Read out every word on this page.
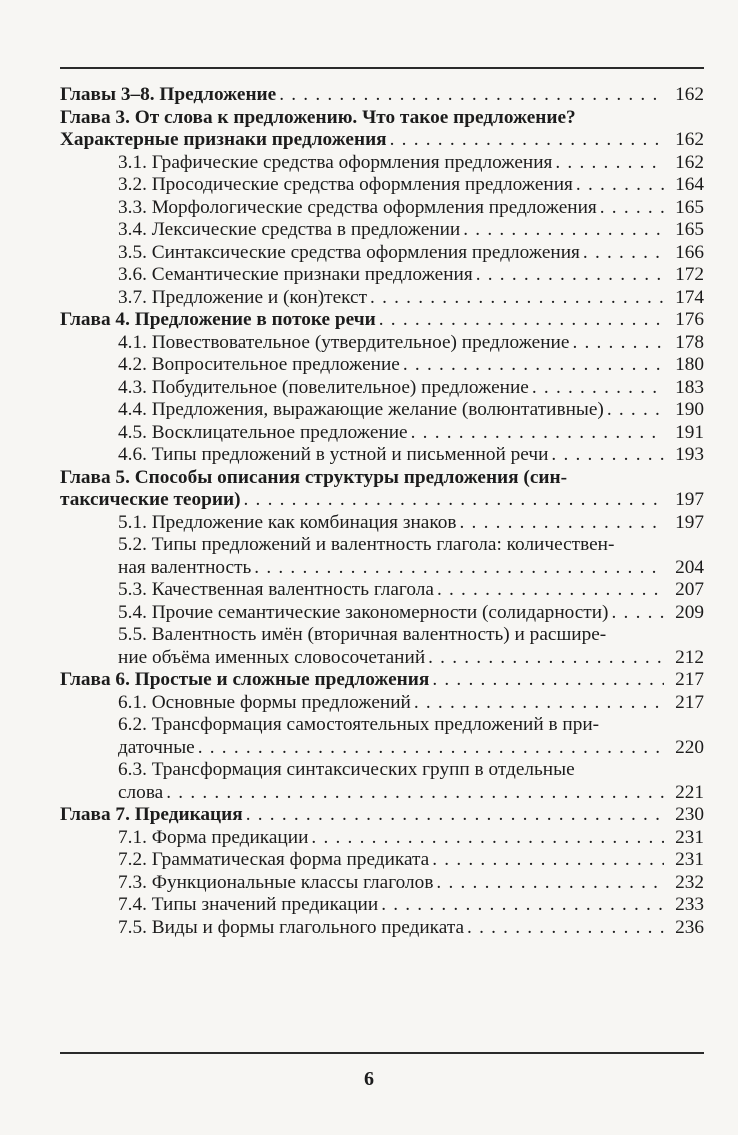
Главы 3–8. Предложение . . .	162
Глава 3. От слова к предложению. Что такое предложение?
Характерные признаки предложения . . .	162
3.1. Графические средства оформления предложения . . .	162
3.2. Просодические средства оформления предложения . . .	164
3.3. Морфологические средства оформления предложения . . .	165
3.4. Лексические средства в предложении . . .	165
3.5. Синтаксические средства оформления предложения . . .	166
3.6. Семантические признаки предложения . . .	172
3.7. Предложение и (кон)текст . . .	174
Глава 4. Предложение в потоке речи . . .	176
4.1. Повествовательное (утвердительное) предложение . . .	178
4.2. Вопросительное предложение . . .	180
4.3. Побудительное (повелительное) предложение . . .	183
4.4. Предложения, выражающие желание (волюнтативные) . . .	190
4.5. Восклицательное предложение . . .	191
4.6. Типы предложений в устной и письменной речи . . .	193
Глава 5. Способы описания структуры предложения (син-
таксические теории) . . .	197
5.1. Предложение как комбинация знаков . . .	197
5.2. Типы предложений и валентность глагола: количествен-
ная валентность . . .	204
5.3. Качественная валентность глагола . . .	207
5.4. Прочие семантические закономерности (солидарности) . . .	209
5.5. Валентность имён (вторичная валентность) и расшире-
ние объёма именных словосочетаний . . .	212
Глава 6. Простые и сложные предложения . . .	217
6.1. Основные формы предложений . . .	217
6.2. Трансформация самостоятельных предложений в при-
даточные . . .	220
6.3. Трансформация синтаксических групп в отдельные
слова . . .	221
Глава 7. Предикация . . .	230
7.1. Форма предикации . . .	231
7.2. Грамматическая форма предиката . . .	231
7.3. Функциональные классы глаголов . . .	232
7.4. Типы значений предикации . . .	233
7.5. Виды и формы глагольного предиката . . .	236
6
